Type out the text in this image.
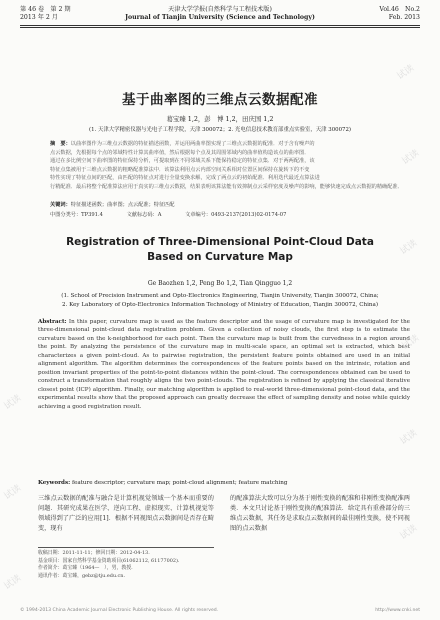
第 46 卷　第 2 期
2013 年 2 月
天津大学学报(自然科学与工程技术版)
Journal of Tianjin University (Science and Technology)
Vol.46　No.2
Feb. 2013
基于曲率图的三维点云数据配准
葛宝臻 1,2，彭　博 1,2，田庆国 1,2
(1. 天津大学精密仪器与光电子工程学院，天津 300072；2. 光电信息技术教育部重点实验室，天津 300072)
摘　要：以曲率图作为三维点云数据的特征描述函数，并运用两曲率图实现了三维点云数据的配准．对于含有噪声的
点云数据，先根据每个点的邻域特性计算其曲率值，然后根据每个点及其周围邻域内的曲率值构造该点的曲率图．
通过在多比例空间下曲率图的特征保持分析，可提取到在不同邻域关系下能保持稳定的特征点集．对于两两配准，该
特征点集被用于三维点云数据的粗略配准算法中．该算法利用点云内部空间关系相对位置区间保持在旋转下的不变
特性实现了特征点间的匹配，由匹配的特征点对进行全量变换求解，完成了两点云的初始配准．利用迭代最近点算法进
行精配准．最后将整个配准算法应用于真实的三维点云数据，结果表明该算法能有效抑制点云采样密度及噪声的影响，能够快速完成点云数据的精确配准．
关键词：特征描述函数；曲率图；点云配准；特征匹配
中图分类号：TP391.4	文献标志码：A	文章编号：0493-2137(2013)02-0174-07
Registration of Three-Dimensional Point-Cloud Data
Based on Curvature Map
Ge Baozhen 1,2, Peng Bo 1,2, Tian Qingguo 1,2
(1. School of Precision Instrument and Opto-Electronics Engineering, Tianjin University, Tianjin 300072, China;
2. Key Laboratory of Opto-Electronics Information Technology of Ministry of Education, Tianjin 300072, China)
Abstract: In this paper, curvature map is used as the feature descriptor and the usage of curvature map is investigated for the three-dimensional point-cloud data registration problem. Given a collection of noisy clouds, the first step is to estimate the curvature based on the k-neighborhood for each point. Then the curvature map is built from the curvedness in a region around the point. By analyzing the persistence of the curvature map in multi-scale space, an optimal set is extracted, which best characterizes a given point-cloud. As to pairwise registration, the persistent feature points obtained are used in an initial alignment algorithm. The algorithm determines the correspondences of the feature points based on the intrinsic, rotation and position invariant properties of the point-to-point distances within the point-cloud. The correspondences obtained can be used to construct a transformation that roughly aligns the two point-clouds. The registration is refined by applying the classical iterative closest point (ICP) algorithm. Finally, our matching algorithm is applied to real-world three-dimensional point-cloud data, and the experimental results show that the proposed approach can greatly decrease the effect of sampling density and noise while quickly achieving a good registration result.
Keywords: feature descriptor; curvature map; point-cloud alignment; feature matching
三维点云数据的配准与融合是计算机视觉领域一个基本而重要的问题．其研究成果在医学、逆向工程、虚拟现实、计算机视觉等领域得到了广泛的应用[1]．根据不同视图点云数据间是否存在畸变，现有
的配准算法大致可以分为基于刚性变换的配准和非刚性变换配准两类．本文只讨论基于刚性变换的配准算法．给定具有重叠部分的三维点云数据，其任务是求取点云数据间的最佳刚性变换，使不同视图的点云数据
收稿日期：2011-11-11；修回日期：2012-04-13.
基金项目：国家自然科学基金资助项目(61062112, 61177002).
作者简介：葛宝臻（1964—　），男，教授.
通讯作者：葛宝臻，gebz@tju.edu.cn.
© 1994-2013 China Academic Journal Electronic Publishing House. All rights reserved.	http://www.cnki.net
试读
试读
试读
试读
试读
试读
试读
试读
试读
